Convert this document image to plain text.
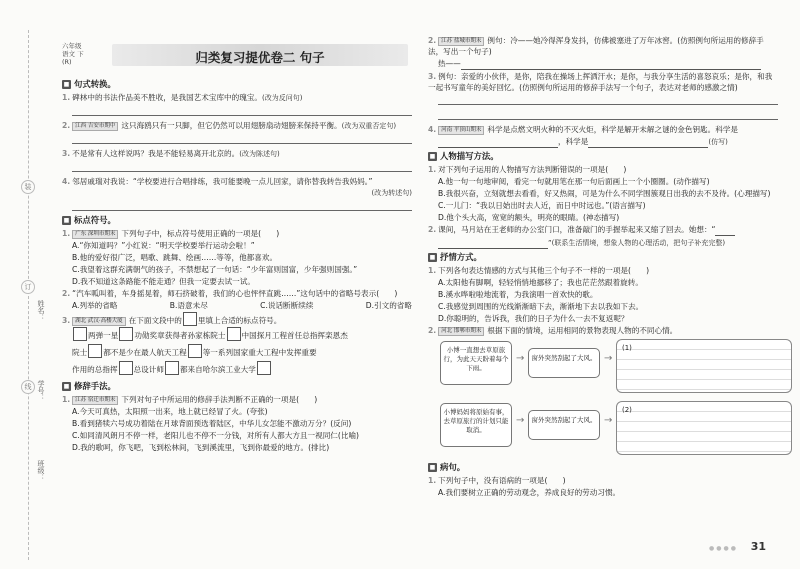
装
订
线
姓名：
学号：
班级：
六年级
语文 下
(R)	归类复习提优卷二 句子
■ 句式转换。
1. 碑林中的书法作品美不胜收，是我国艺术宝库中的瑰宝。(改为反问句)
2. 江西 吉安市期中 这只海鸥只有一只脚，但它仍然可以用翅膀扇动翅膀来保持平衡。(改为双重否定句)
3. 不是常有人这样说吗？我是不能轻易离开北京的。(改为陈述句)
4. 邻居戚瑞对我说：“学校要进行合唱排练，我可能要晚一点儿回家，请你替我转告我妈妈。”
(改为转述句)
■ 标点符号。
1. 广东 深圳市期末 下列句子中，标点符号使用正确的一项是(　　)
A.“你知道吗？”小红说：“明天学校要举行运动会啦！”
B.他的爱好很广泛，唱歌、跳舞、绘画……等等，他都喜欢。
C.我望着这群充满朝气的孩子，不禁想起了一句话：“少年富则国富，少年强则国强。”
D.我不知道这条路能不能走通？但我一定要去试一试。
2. “汽车呱叫着，车身摇晃着，师石挤破着，我们的心也怦怦直跳……”这句话中的省略号表示(　　)
A.列举的省略	B.语意未尽	C.说话断断续续	D.引文的省略
3. 湖北 武汉·高楼大厦 在下面文段中的 里填上合适的标点符号。
两弹一星 功勋奖章获得者孙家栋院士 中国探月工程首任总指挥栾恩杰
院士 都不是少在最人航天工程 等一系列国家重大工程中发挥重要
作用的总指挥 总设计师 都来自哈尔滨工业大学
■ 修辞手法。
1. 江苏 宿迁市期末 下列对句子中所运用的修辞手法判断不正确的一项是(　　)
A.今天可真热，太阳照一出来，地上就已经冒了火。(夸张)
B.看到猪犊六号成功着陆在月球背面预选着陆区，中华儿女怎能不激动万分？(反问)
C.如同清风朗月不停一样，老阳儿也不停不一分钱，对所有人都大方且一视同仁(比喻)
D.我的歌呵，你飞吧，飞到松林间，飞到溪流里，飞到你最爱的地方。(排比)
2. 江苏 盐城市期末 例句：冷——她冷得浑身发抖，仿佛被塞进了万年冰窖。(仿照例句所运用的修辞手法，写出一个句子)
热——
3. 例句：亲爱的小伙伴，是你，陪我在操场上挥洒汗水；是你，与我分享生活的喜怒哀乐；是你，和我一起书写童年的美好回忆。(仿照例句所运用的修辞手法写一个句子，表达对老师的感激之情)
4. 河南 平顶山期末 科学是点燃文明火种的不灭火炬，科学是解开未解之谜的金色钥匙。科学是
，科学是	(仿写)
■ 人物描写方法。
1. 对下列句子运用的人物描写方法判断错误的一项是(　　)
A.他一句一句地审阅，看完一句就用笔在那一句后面画上一个小圈圈。(动作描写)
B.我很兴奋，立刻就想去看看，好又热闹，可是为什么不同学围簇观日出我的去不及待。(心理描写)
C.一儿门：“我以日始出时去人近，而日中时远也。”(语言描写)
D.他个头大高，宽宽的额头，明亮的眼睛。(神态描写)
2. 课间，马月站在王老师的办公室门口，准备敲门的手握举起来又缩了回去。她想：“
”(联系生活情境，想象人物的心理活动，把句子补充完整)
■ 抒情方式。
1. 下列各句表达情感的方式与其他三个句子不一样的一项是(　　)
A.太阳他有脚啊，轻轻悄悄地挪移了；我也茫茫然跟着旋转。
B.溪水哗啦啦地流着，为我演唱一首欢快的歌。
C.我感觉到周围的光线渐渐暗下去，渐渐地下去以我如下去。
D.你聪明的，告诉我，我们的日子为什么一去不复返呢？
2. 河北 邯郸市期末 根据下面的情境，运用相同的景物表现人物的不同心情。
小博一直想去草原旅行，为此天天盼着每个下雨。
→	窗外突然刮起了大风。 →
(1)
小博妈妈将原始有事，去草原旅行的计划只能取消。
→	窗外突然刮起了大风。 →
(2)
■ 病句。
1. 下列句子中，没有语病的一项是(　　)
A.我们要树立正确的劳动观念，养成良好的劳动习惯。
●●●● 31
